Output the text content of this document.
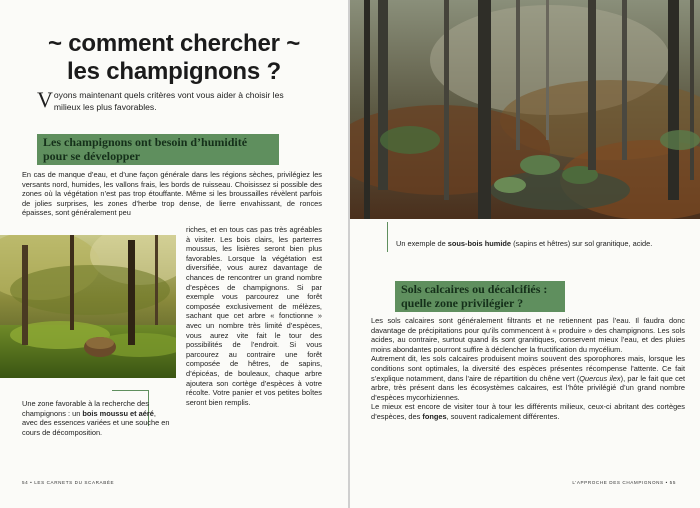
~ comment chercher ~
les champignons ?
Voyons maintenant quels critères vont vous aider à choisir les milieux les plus favorables.
Les champignons ont besoin d’humidité pour se développer
En cas de manque d’eau, et d’une façon générale dans les régions sèches, privilégiez les versants nord, humides, les vallons frais, les bords de ruisseau. Choisissez si possible des zones où la végétation n’est pas trop étouffante. Même si les broussailles révèlent parfois de jolies surprises, les zones d’herbe trop dense, de lierre envahissant, de ronces épaisses, sont généralement peu
riches, et en tous cas pas très agréables à visiter. Les bois clairs, les parterres moussus, les lisières seront bien plus favorables. Lorsque la végétation est diversifiée, vous aurez davantage de chances de rencontrer un grand nombre d’espèces de champignons. Si par exemple vous parcourez une forêt composée exclusivement de mélèzes, sachant que cet arbre « fonctionne » avec un nombre très limité d’espèces, vous aurez vite fait le tour des possibilités de l’endroit. Si vous parcourez au contraire une forêt composée de hêtres, de sapins, d’épicéas, de bouleaux, chaque arbre ajoutera son cortège d’espèces à votre récolte. Votre panier et vos petites boîtes seront bien remplis.
Une zone favorable à la recherche des champignons : un bois moussu et aéré, avec des essences variées et une souche en cours de décomposition.
54 • LES CARNETS DU SCARABÉE
Un exemple de sous-bois humide (sapins et hêtres) sur sol granitique, acide.
Sols calcaires ou décalcifiés : quelle zone privilégier ?

Les sols calcaires sont généralement filtrants et ne retiennent pas l’eau. Il faudra donc davantage de précipitations pour qu’ils commencent à « produire » des champignons. Les sols acides, au contraire, surtout quand ils sont granitiques, conservent mieux l’eau, et des pluies moins abondantes pourront suffire à déclencher la fructification du mycélium.

Autrement dit, les sols calcaires produisent moins souvent des sporophores mais, lorsque les conditions sont optimales, la diversité des espèces présentes récompense l’attente. Ce fait s’explique notamment, dans l’aire de répartition du chêne vert (Quercus ilex), par le fait que cet arbre, très présent dans les écosystèmes calcaires, est l’hôte privilégié d’un grand nombre d’espèces mycorhiziennes.

Le mieux est encore de visiter tour à tour les différents milieux, ceux-ci abritant des cortèges d’espèces, des fonges, souvent radicalement différentes.

L’APPROCHE DES CHAMPIGNONS • 55
